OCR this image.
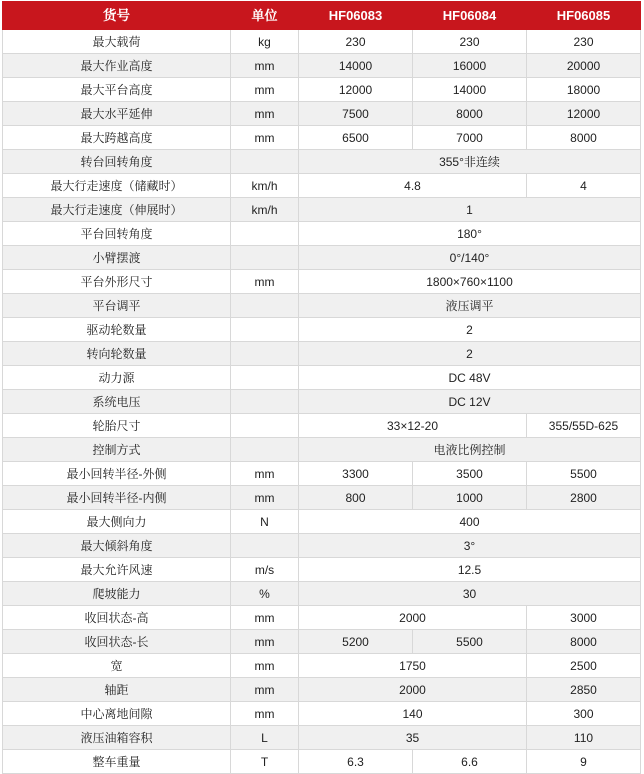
货号	单位	HF06083	HF06084	HF06085
最大载荷	kg	230	230	230
最大作业高度	mm	14000	16000	20000
最大平台高度	mm	12000	14000	18000
最大水平延伸	mm	7500	8000	12000
最大跨越高度	mm	6500	7000	8000
转台回转角度		355°非连续		
最大行走速度（储藏时）	km/h	4.8		4
最大行走速度（伸展时）	km/h	1		
平台回转角度		180°		
小臂摆渡		0°/140°		
平台外形尺寸	mm	1800×760×1100		
平台调平		液压调平		
驱动轮数量		2		
转向轮数量		2		
动力源		DC 48V		
系统电压		DC 12V		
轮胎尺寸		33×12-20		355/55D-625
控制方式		电液比例控制		
最小回转半径-外侧	mm	3300	3500	5500
最小回转半径-内侧	mm	800	1000	2800
最大侧向力	N	400		
最大倾斜角度		3°		
最大允许风速	m/s	12.5		
爬坡能力	%	30		
收回状态-高	mm	2000		3000
收回状态-长	mm	5200	5500	8000
宽	mm	1750		2500
轴距	mm	2000		2850
中心离地间隙	mm	140		300
液压油箱容积	L	35		110
整车重量	T	6.3	6.6	9
